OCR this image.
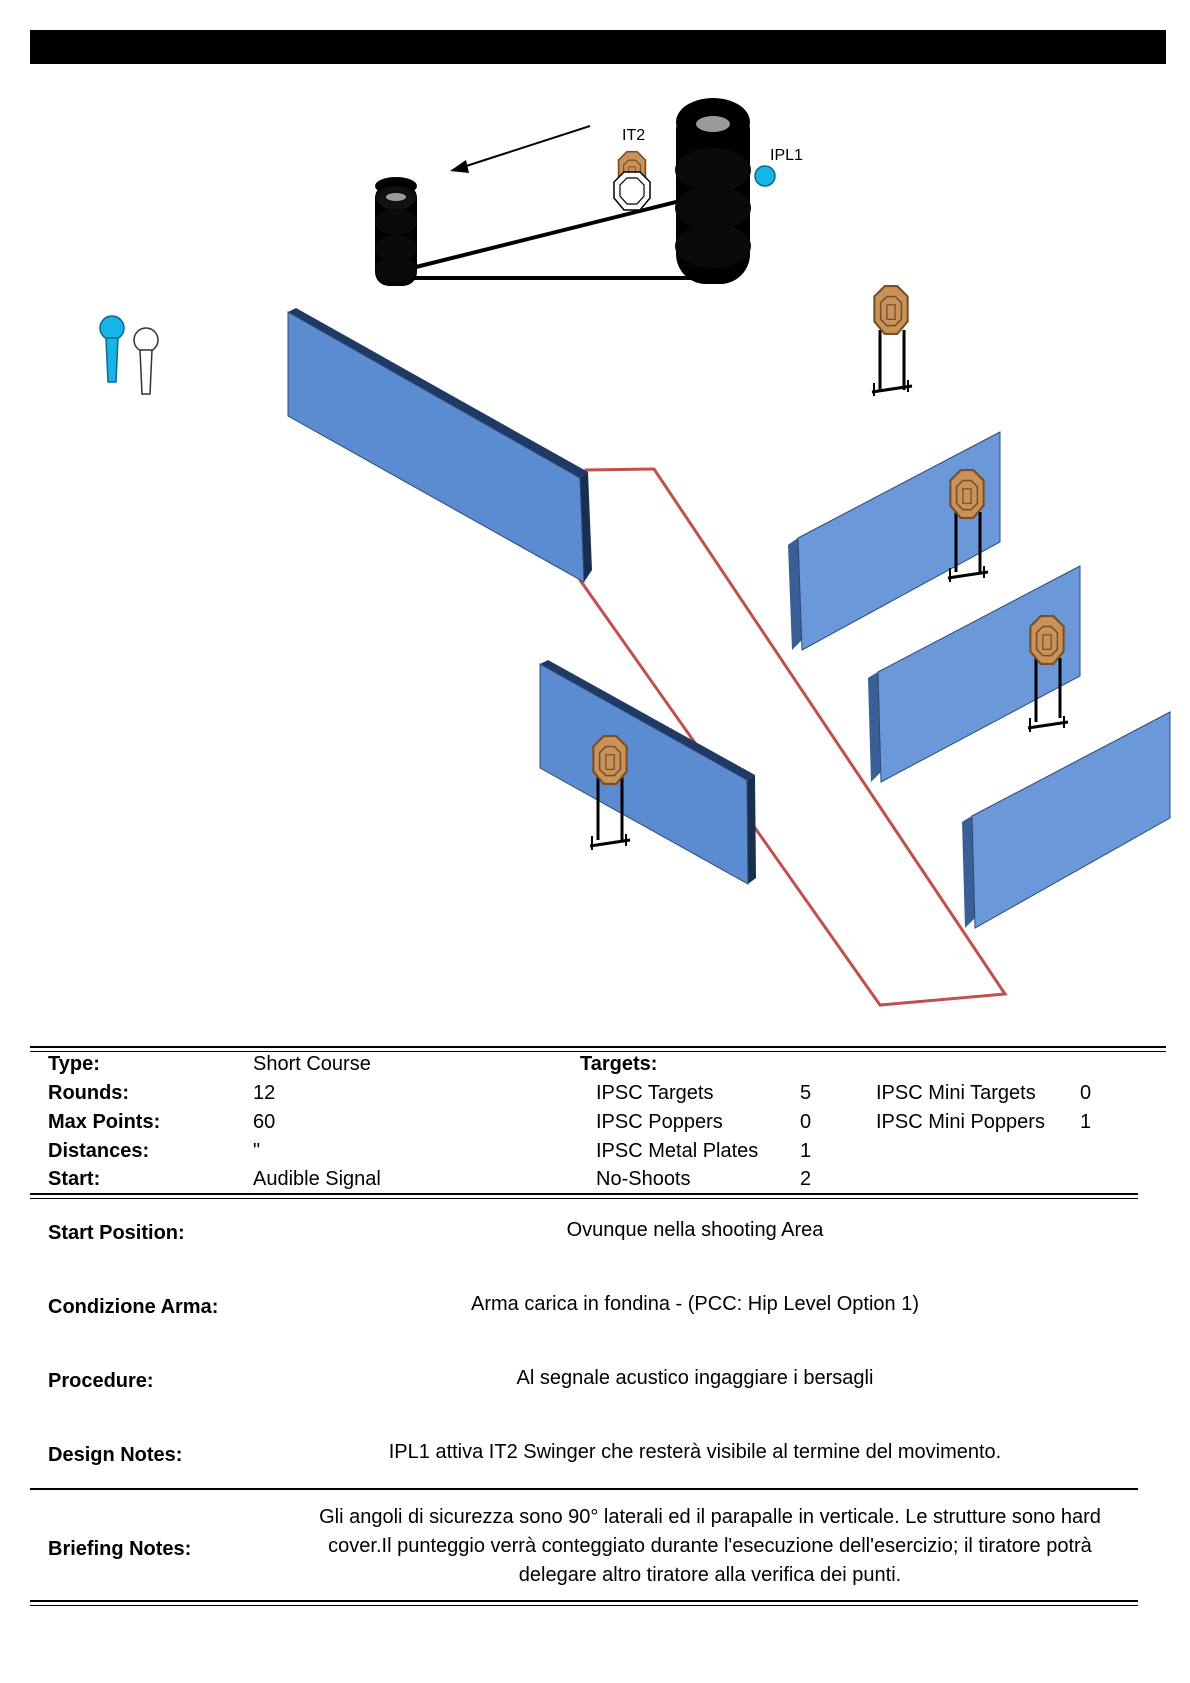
IT2
IPL1
Type:	Short Course	Targets:
Rounds:	12	IPSC Targets	5	IPSC Mini Targets 0
Max Points:	60	IPSC Poppers	0	IPSC Mini Poppers 1
Distances:	"	IPSC Metal Plates 1
Start:	Audible Signal	No-Shoots	2
Start Position:	Ovunque nella shooting Area
Condizione Arma:	Arma carica in fondina - (PCC: Hip Level Option 1)
Procedure:	Al segnale acustico ingaggiare i bersagli
Design Notes:	IPL1 attiva IT2 Swinger che resterà visibile al termine del movimento.
Briefing Notes:
Gli angoli di sicurezza sono 90° laterali ed il parapalle in verticale. Le strutture sono hard
cover.Il punteggio verrà conteggiato durante l'esecuzione dell'esercizio; il tiratore potrà
delegare altro tiratore alla verifica dei punti.
